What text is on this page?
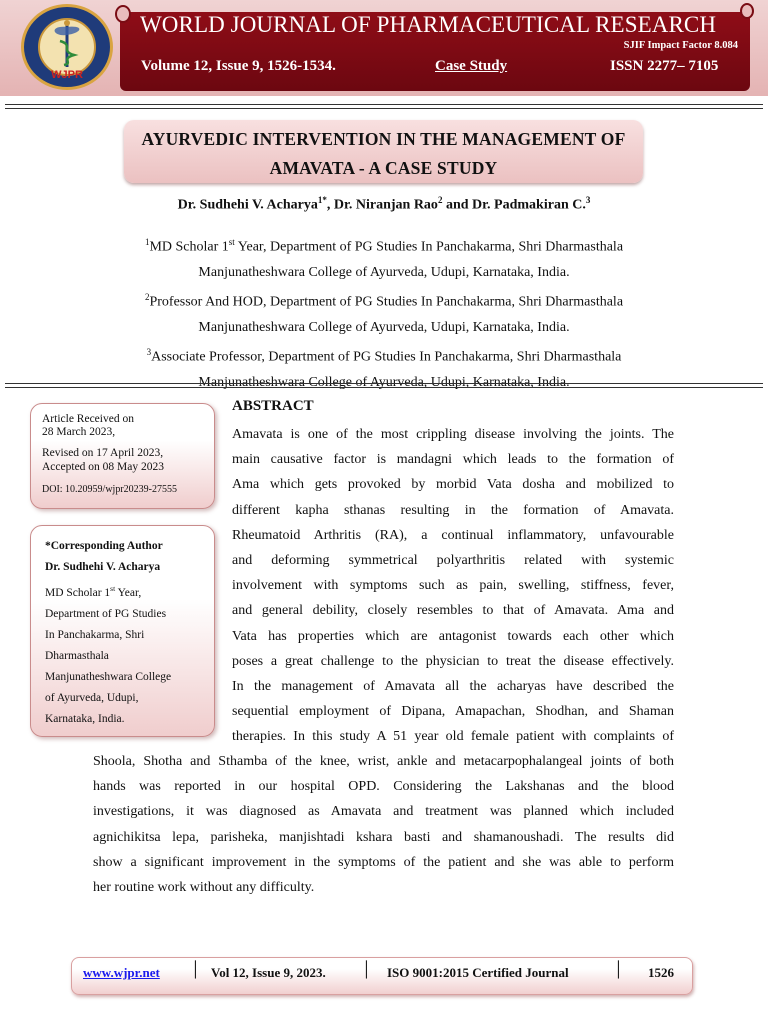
WJPR
WORLD JOURNAL OF PHARMACEUTICAL RESEARCH
SJIF Impact Factor 8.084
Volume 12, Issue 9, 1526-1534.	Case Study	ISSN 2277– 7105
AYURVEDIC INTERVENTION IN THE MANAGEMENT OF
AMAVATA - A CASE STUDY
Dr. Sudhehi V. Acharya$^{1*}$, Dr. Niranjan Rao$^2$ and Dr. Padmakiran C.$^3$
$^1$MD Scholar 1st Year, Department of PG Studies In Panchakarma, Shri Dharmasthala
Manjunatheshwara College of Ayurveda, Udupi, Karnataka, India.
$^2$Professor And HOD, Department of PG Studies In Panchakarma, Shri Dharmasthala
Manjunatheshwara College of Ayurveda, Udupi, Karnataka, India.
$^3$Associate Professor, Department of PG Studies In Panchakarma, Shri Dharmasthala
Manjunatheshwara College of Ayurveda, Udupi, Karnataka, India.
Article Received on
28 March 2023,
Revised on 17 April 2023,
Accepted on 08 May 2023
DOI: 10.20959/wjpr20239-27555
*Corresponding Author
Dr. Sudhehi V. Acharya
MD Scholar 1st Year,
Department of PG Studies
In Panchakarma, Shri
Dharmasthala
Manjunatheshwara College
of Ayurveda, Udupi,
Karnataka, India.
ABSTRACT
Amavata is one of the most crippling disease involving the joints. The
main causative factor is mandagni which leads to the formation of
Ama which gets provoked by morbid Vata dosha and mobilized to
different kapha sthanas resulting in the formation of Amavata.
Rheumatoid Arthritis (RA), a continual inflammatory, unfavourable
and deforming symmetrical polyarthritis related with systemic
involvement with symptoms such as pain, swelling, stiffness, fever,
and general debility, closely resembles to that of Amavata. Ama and
Vata has properties which are antagonist towards each other which
poses a great challenge to the physician to treat the disease effectively.
In the management of Amavata all the acharyas have described the
sequential employment of Dipana, Amapachan, Shodhan, and Shaman
therapies. In this study A 51 year old female patient with complaints of
Shoola, Shotha and Sthamba of the knee, wrist, ankle and metacarpophalangeal joints of both
hands was reported in our hospital OPD. Considering the Lakshanas and the blood
investigations, it was diagnosed as Amavata and treatment was planned which included
agnichikitsa lepa, parisheka, manjishtadi kshara basti and shamanoushadi. The results did
show a significant improvement in the symptoms of the patient and she was able to perform
her routine work without any difficulty.
www.wjpr.net │ Vol 12, Issue 9, 2023. │ ISO 9001:2015 Certified Journal	│ 1526
